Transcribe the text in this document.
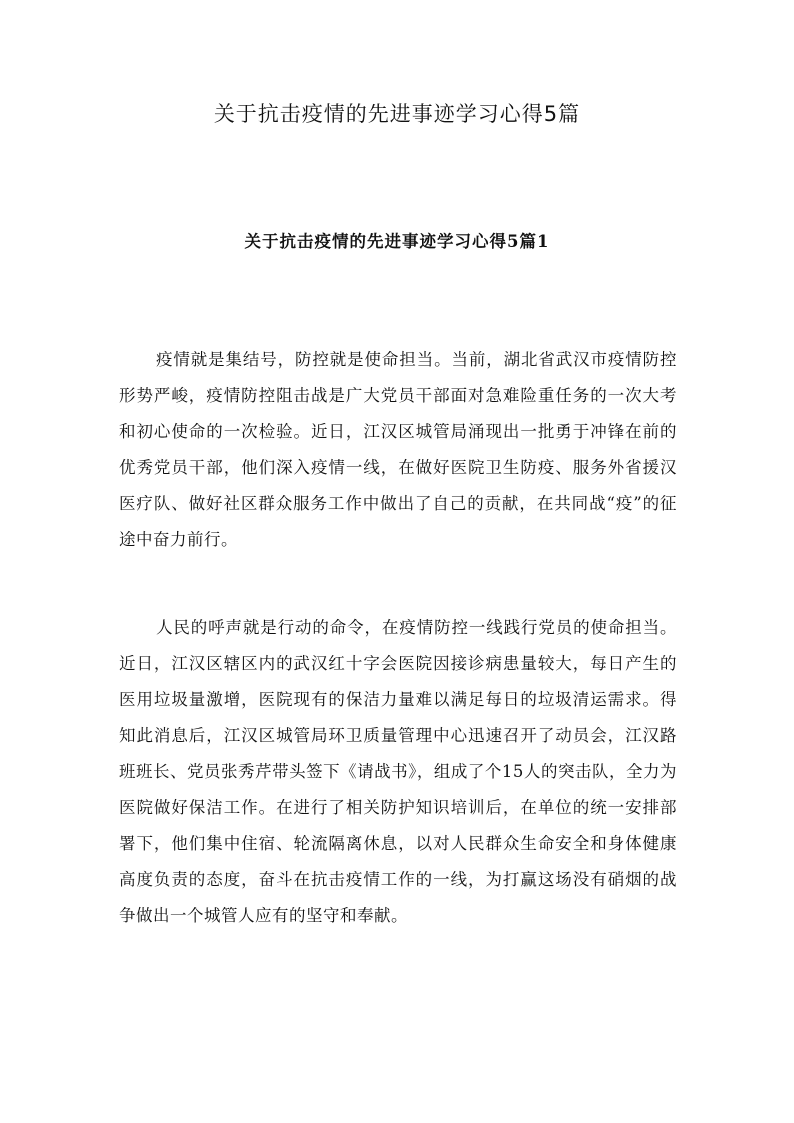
关于抗击疫情的先进事迹学习心得5篇
关于抗击疫情的先进事迹学习心得5篇1

疫情就是集结号，防控就是使命担当。当前，湖北省武汉市疫情防控形势严峻，疫情防控阻击战是广大党员干部面对急难险重任务的一次大考和初心使命的一次检验。近日，江汉区城管局涌现出一批勇于冲锋在前的优秀党员干部，他们深入疫情一线，在做好医院卫生防疫、服务外省援汉医疗队、做好社区群众服务工作中做出了自己的贡献，在共同战“疫”的征途中奋力前行。

人民的呼声就是行动的命令，在疫情防控一线践行党员的使命担当。近日，江汉区辖区内的武汉红十字会医院因接诊病患量较大，每日产生的医用垃圾量激增，医院现有的保洁力量难以满足每日的垃圾清运需求。得知此消息后，江汉区城管局环卫质量管理中心迅速召开了动员会，江汉路班班长、党员张秀芹带头签下《请战书》，组成了个15人的突击队，全力为医院做好保洁工作。在进行了相关防护知识培训后，在单位的统一安排部署下，他们集中住宿、轮流隔离休息，以对人民群众生命安全和身体健康高度负责的态度，奋斗在抗击疫情工作的一线，为打赢这场没有硝烟的战争做出一个城管人应有的坚守和奉献。
